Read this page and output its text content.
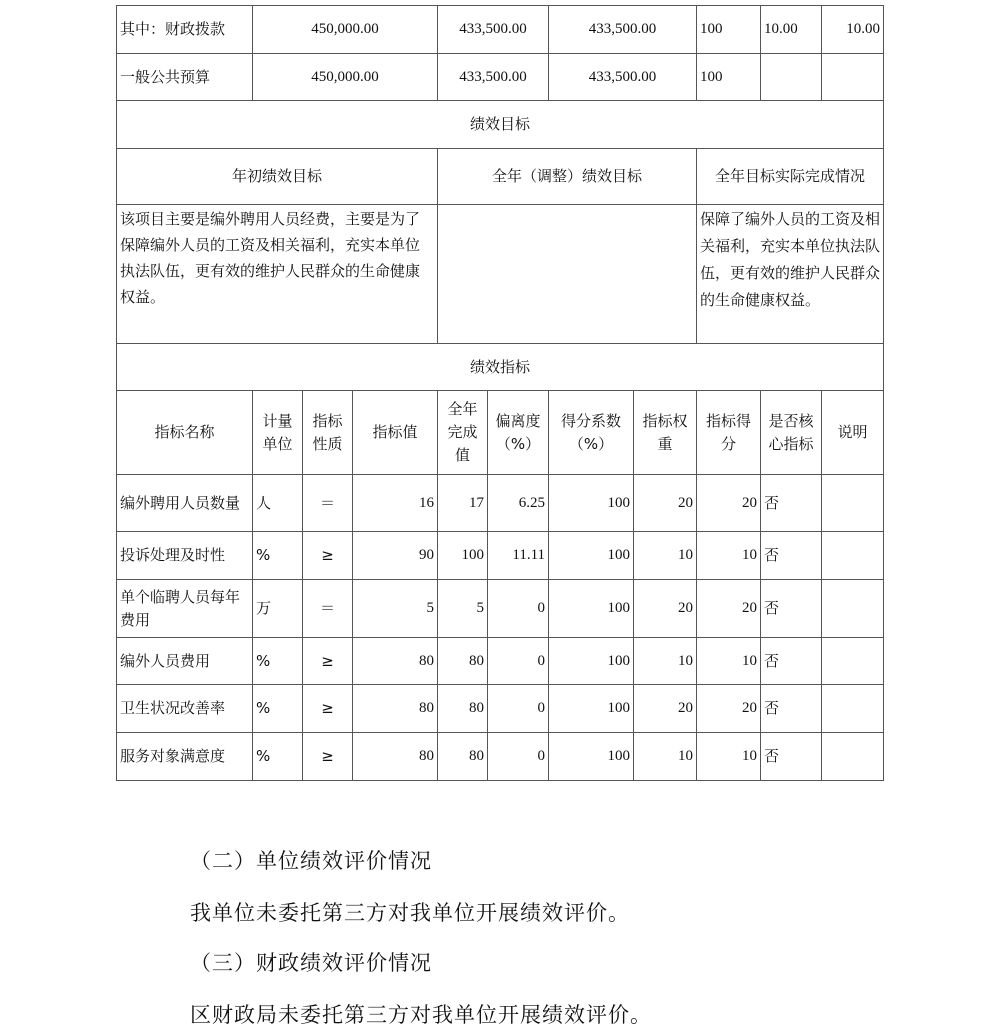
其中：财政拨款	450,000.00			433,500.00		433,500.00		100	10.00	10.00
一般公共预算	450,000.00			433,500.00		433,500.00		100		
绩效目标										
年初绩效目标				全年（调整）绩效目标				全年目标实际完成情况		
该项目主要是编外聘用人员经费，主要是为了保障编外人员的工资及相关福利，充实本单位执法队伍，更有效的维护人民群众的生命健康权益。								保障了编外人员的工资及相关福利，充实本单位执法队伍，更有效的维护人民群众的生命健康权益。		
绩效指标										
指标名称	计量单位	指标性质	指标值	全年完成值	偏离度（%）	得分系数（%）	指标权重	指标得分	是否核心指标	说明
编外聘用人员数量	人	＝	16	17	6.25	100	20	20	否	
投诉处理及时性	%	≥	90	100	11.11	100	10	10	否	
单个临聘人员每年费用	万	＝	5	5	0	100	20	20	否	
编外人员费用	%	≥	80	80	0	100	10	10	否	
卫生状况改善率	%	≥	80	80	0	100	20	20	否	
服务对象满意度	%	≥	80	80	0	100	10	10	否	

（二）单位绩效评价情况

我单位未委托第三方对我单位开展绩效评价。

（三）财政绩效评价情况

区财政局未委托第三方对我单位开展绩效评价。
